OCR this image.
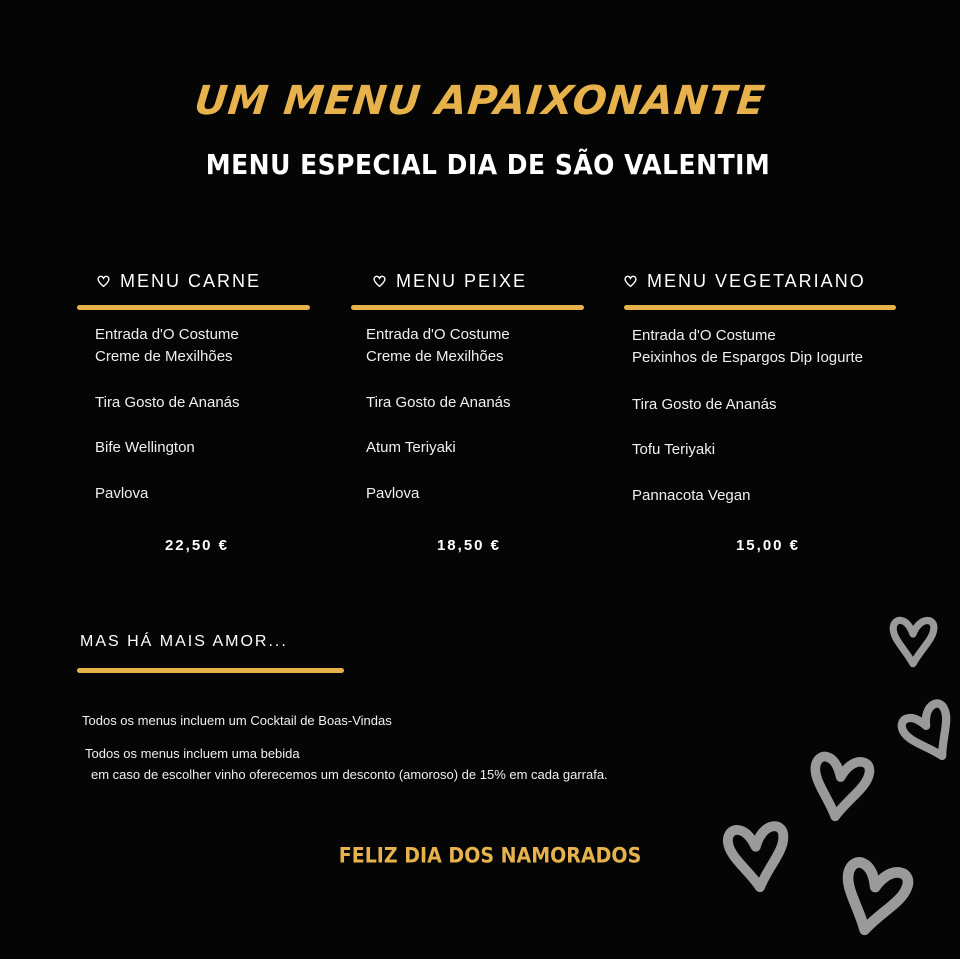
UM MENU APAIXONANTE
MENU ESPECIAL DIA DE SÃO VALENTIM
MENU CARNE
Entrada d'O Costume
Creme de Mexilhões
Tira Gosto de Ananás
Bife Wellington
Pavlova
22,50 €
MENU PEIXE
Entrada d'O Costume
Creme de Mexilhões
Tira Gosto de Ananás
Atum Teriyaki
Pavlova
18,50 €
MENU VEGETARIANO
Entrada d'O Costume
Peixinhos de Espargos Dip Iogurte
Tira Gosto de Ananás
Tofu Teriyaki
Pannacota Vegan
15,00 €
MAS HÁ MAIS AMOR...
Todos os menus incluem um Cocktail de Boas-Vindas
Todos os menus incluem uma bebida
em caso de escolher vinho oferecemos um desconto (amoroso) de 15% em cada garrafa.
FELIZ DIA DOS NAMORADOS
